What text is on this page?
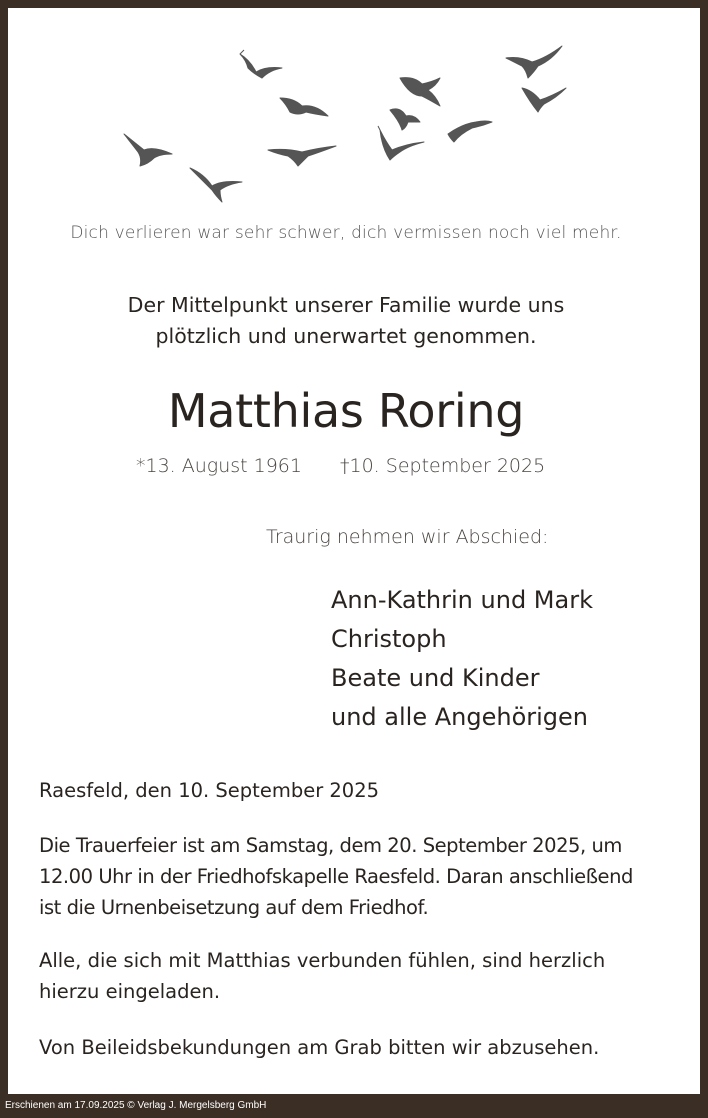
Dich verlieren war sehr schwer, dich vermissen noch viel mehr.
Der Mittelpunkt unserer Familie wurde uns
plötzlich und unerwartet genommen.
Matthias Roring
*13. August 1961 †10. September 2025
Traurig nehmen wir Abschied:
Ann-Kathrin und Mark
Christoph
Beate und Kinder
und alle Angehörigen

Raesfeld, den 10. September 2025

Die Trauerfeier ist am Samstag, dem 20. September 2025, um
12.00 Uhr in der Friedhofskapelle Raesfeld. Daran anschließend
ist die Urnenbeisetzung auf dem Friedhof.
Alle, die sich mit Matthias verbunden fühlen, sind herzlich
hierzu eingeladen.

Von Beileidsbekundungen am Grab bitten wir abzusehen.

Erschienen am 17.09.2025 © Verlag J. Mergelsberg GmbH
